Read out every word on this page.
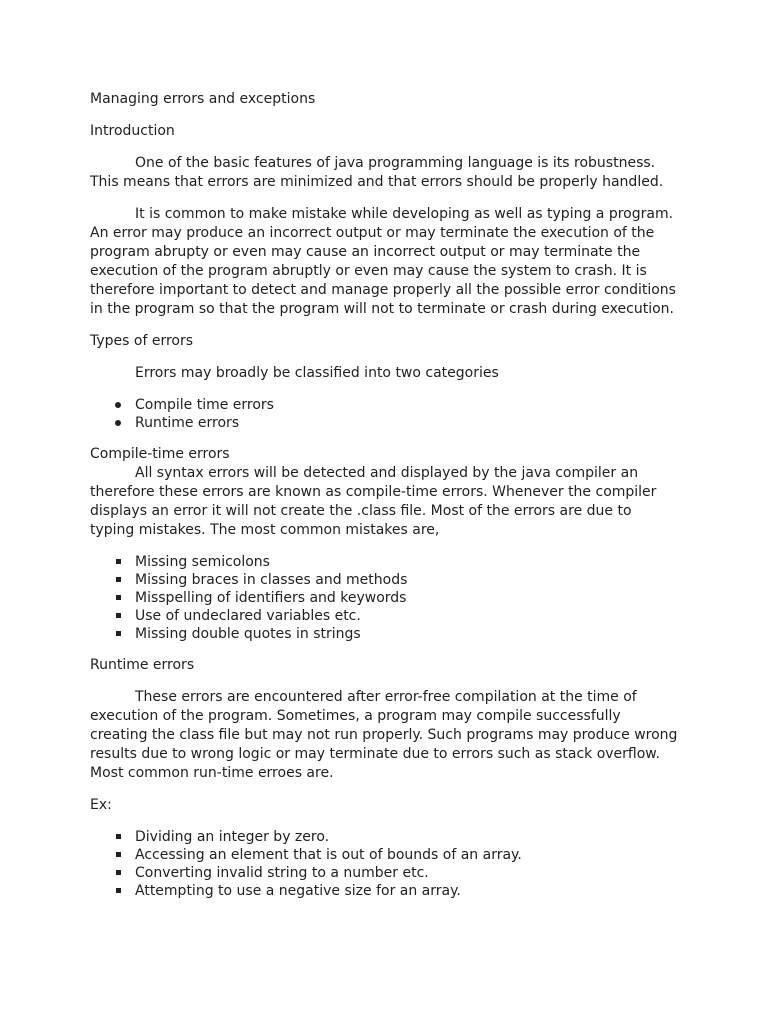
Managing errors and exceptions

Introduction

One of the basic features of java programming language is its robustness. This means that errors are minimized and that errors should be properly handled.

It is common to make mistake while developing as well as typing a program. An error may produce an incorrect output or may terminate the execution of the program abrupty or even may cause an incorrect output or may terminate the execution of the program abruptly or even may cause the system to crash. It is therefore important to detect and manage properly all the possible error conditions in the program so that the program will not to terminate or crash during execution.

Types of errors

Errors may broadly be classified into two categories

Compile time errors
Runtime errors

Compile-time errors

All syntax errors will be detected and displayed by the java compiler an therefore these errors are known as compile-time errors. Whenever the compiler displays an error it will not create the .class file. Most of the errors are due to typing mistakes. The most common mistakes are,

Missing semicolons
Missing braces in classes and methods
Misspelling of identifiers and keywords
Use of undeclared variables etc.
Missing double quotes in strings

Runtime errors

These errors are encountered after error-free compilation at the time of execution of the program. Sometimes, a program may compile successfully creating the class file but may not run properly. Such programs may produce wrong results due to wrong logic or may terminate due to errors such as stack overflow. Most common run-time erroes are.

Ex:

Dividing an integer by zero.
Accessing an element that is out of bounds of an array.
Converting invalid string to a number etc.
Attempting to use a negative size for an array.
